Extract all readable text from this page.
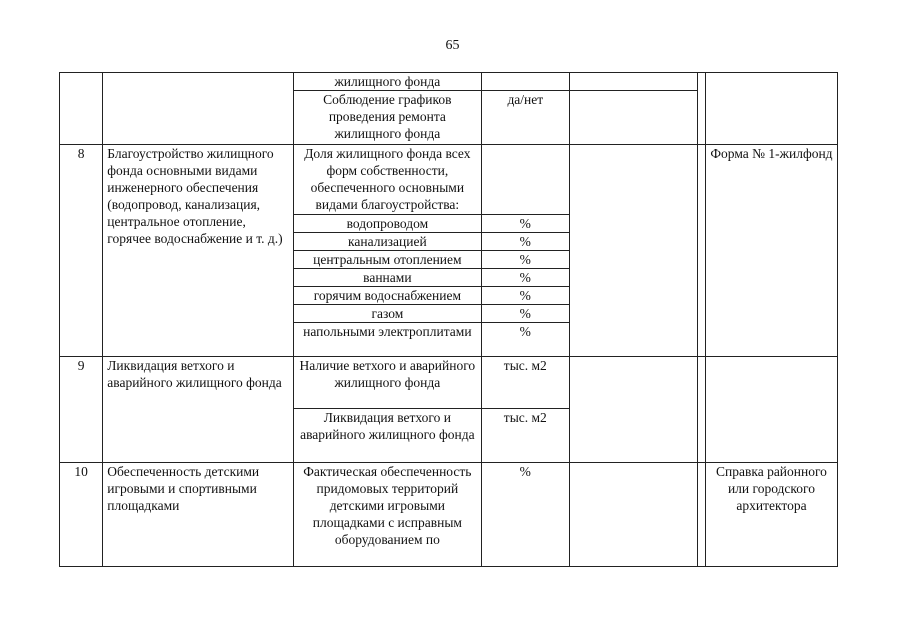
65
		жилищного фонда				
		Соблюдение графиков проведения ремонта жилищного фонда	да/нет			
8	Благоустройство жилищного фонда основными видами инженерного обеспечения (водопровод, канализация, центральное отопление, горячее водоснабжение и т. д.)	Доля жилищного фонда всех форм собственности, обеспеченного основными видами благоустройства:				Форма № 1-жилфонд
		водопроводом	%			
		канализацией	%			
		центральным отоплением	%			
		ваннами	%			
		горячим водоснабжением	%			
		газом	%			
		напольными электроплитами	%			
9	Ликвидация ветхого и аварийного жилищного фонда	Наличие ветхого и аварийного жилищного фонда	тыс. м2			
		Ликвидация ветхого и аварийного жилищного фонда	тыс. м2			
10	Обеспеченность детскими игровыми и спортивными площадками	Фактическая обеспеченность придомовых территорий детскими игровыми площадками с исправным оборудованием по	%			Справка районного или городского архитектора
